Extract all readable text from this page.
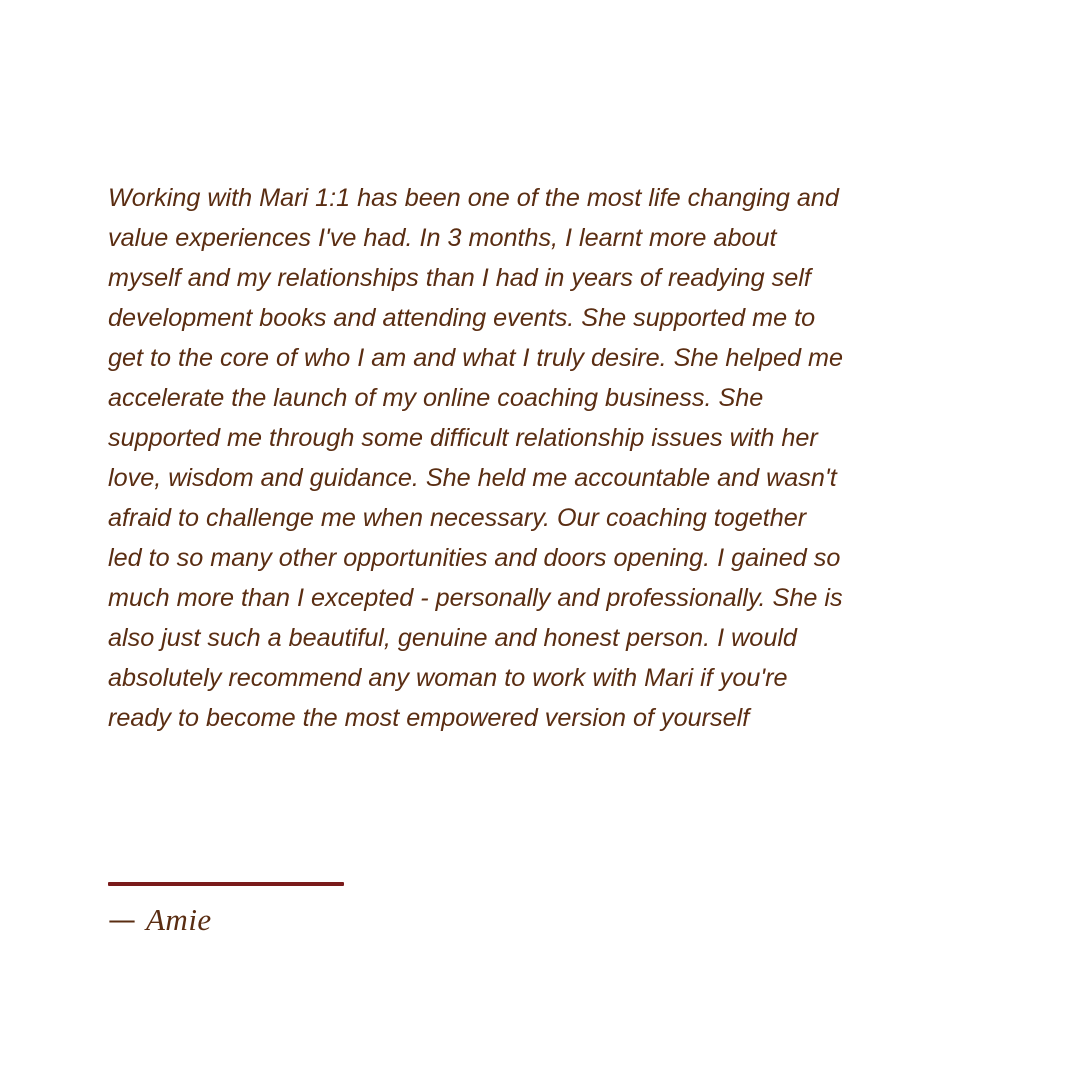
Working with Mari 1:1 has been one of the most life changing and
value experiences I've had. In 3 months, I learnt more about
myself and my relationships than I had in years of readying self
development books and attending events. She supported me to
get to the core of who I am and what I truly desire. She helped me
accelerate the launch of my online coaching business. She
supported me through some difficult relationship issues with her
love, wisdom and guidance. She held me accountable and wasn't
afraid to challenge me when necessary. Our coaching together
led to so many other opportunities and doors opening. I gained so
much more than I excepted - personally and professionally. She is
also just such a beautiful, genuine and honest person. I would
absolutely recommend any woman to work with Mari if you're
ready to become the most empowered version of yourself

— Amie
